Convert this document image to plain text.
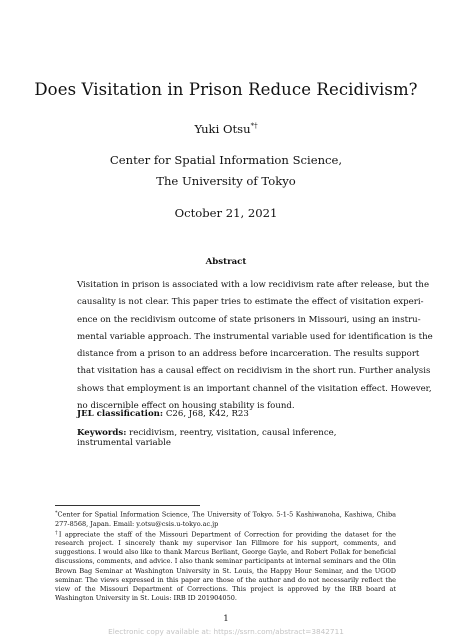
Does Visitation in Prison Reduce Recidivism?
Yuki Otsu*†
Center for Spatial Information Science,
The University of Tokyo
October 21, 2021
Abstract
Visitation in prison is associated with a low recidivism rate after release, but the
causality is not clear. This paper tries to estimate the effect of visitation experi-
ence on the recidivism outcome of state prisoners in Missouri, using an instru-
mental variable approach. The instrumental variable used for identification is the
distance from a prison to an address before incarceration. The results support
that visitation has a causal effect on recidivism in the short run. Further analysis
shows that employment is an important channel of the visitation effect. However,
no discernible effect on housing stability is found.
JEL classification: C26, J68, K42, R23
Keywords: recidivism, reentry, visitation, causal inference, instrumental variable

*Center for Spatial Information Science, The University of Tokyo. 5-1-5 Kashiwanoha, Kashiwa, Chiba 277-8568, Japan. Email: y.otsu@csis.u-tokyo.ac.jp

†I appreciate the staff of the Missouri Department of Correction for providing the dataset for the research project. I sincerely thank my supervisor Ian Fillmore for his support, comments, and suggestions. I would also like to thank Marcus Berliant, George Gayle, and Robert Pollak for beneficial discussions, comments, and advice. I also thank seminar participants at internal seminars and the Olin Brown Bag Seminar at Washington University in St. Louis, the Happy Hour Seminar, and the UGOD seminar. The views expressed in this paper are those of the author and do not necessarily reflect the view of the Missouri Department of Corrections. This project is approved by the IRB board at Washington University in St. Louis: IRB ID 201904050.

1
Electronic copy available at: https://ssrn.com/abstract=3842711
